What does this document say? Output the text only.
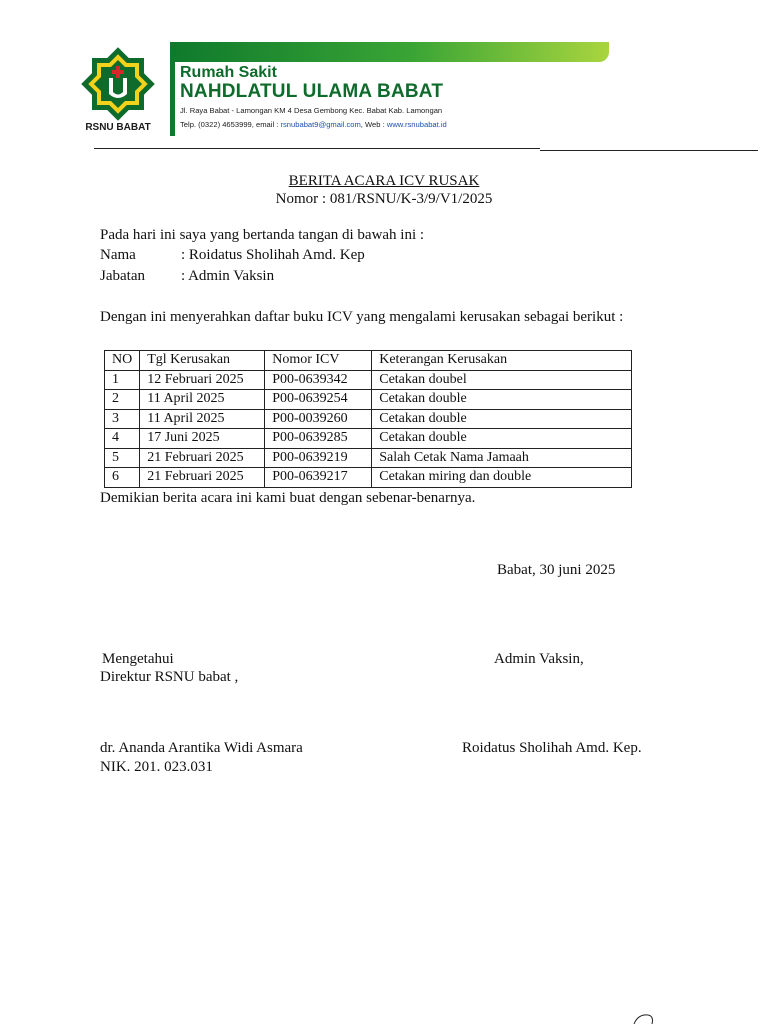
RSNU BABAT
Rumah Sakit
NAHDLATUL ULAMA BABAT
Jl. Raya Babat - Lamongan KM 4 Desa Gembong Kec. Babat Kab. Lamongan
Telp. (0322) 4653999, email : rsnubabat9@gmail.com, Web : www.rsnubabat.id
BERITA ACARA ICV RUSAK
Nomor : 081/RSNU/K-3/9/V1/2025
Pada hari ini saya yang bertanda tangan di bawah ini :
Nama	: Roidatus Sholihah Amd. Kep
Jabatan : Admin Vaksin
Dengan ini menyerahkan daftar buku ICV yang mengalami kerusakan sebagai berikut :
NO	Tgl Kerusakan	Nomor ICV	Keterangan Kerusakan
1	12 Februari 2025	P00-0639342	Cetakan doubel
2	11 April 2025	P00-0639254	Cetakan double
3	11 April 2025	P00-0039260	Cetakan double
4	17 Juni 2025	P00-0639285	Cetakan double
5	21 Februari 2025	P00-0639219	Salah Cetak Nama Jamaah
6	21 Februari 2025	P00-0639217	Cetakan miring dan double
Demikian berita acara ini kami buat dengan sebenar-benarnya.
Babat, 30 juni 2025
Mengetahui
Direktur RSNU babat ,
Admin Vaksin,
dr. Ananda Arantika Widi Asmara
NIK. 201. 023.031
Roidatus Sholihah Amd. Kep.
